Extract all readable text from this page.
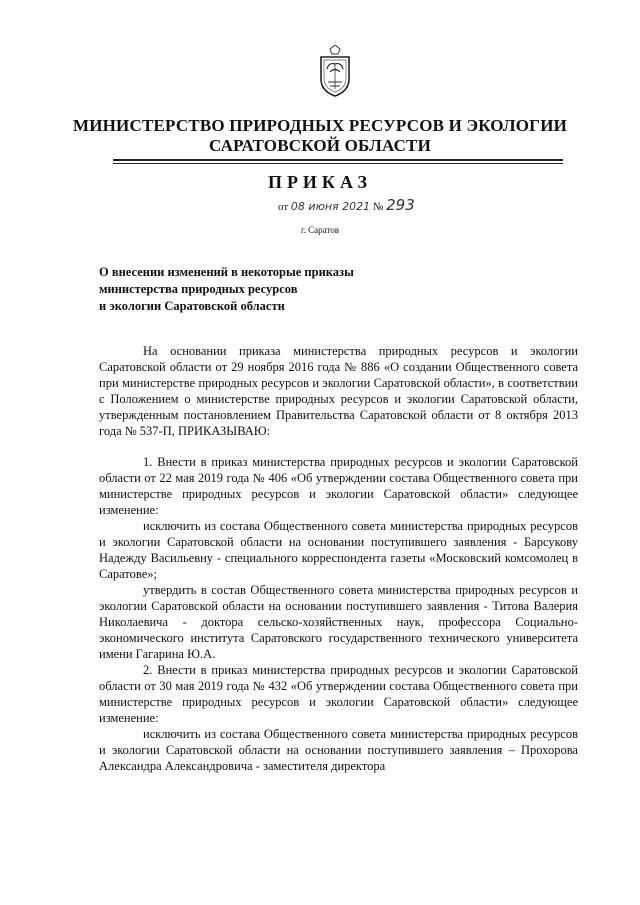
МИНИСТЕРСТВО ПРИРОДНЫХ РЕСУРСОВ И ЭКОЛОГИИ
САРАТОВСКОЙ ОБЛАСТИ
ПРИКАЗ
от 08 июня 2021 № 293
г. Саратов
О внесении изменений в некоторые приказы
министерства природных ресурсов
и экологии Саратовской области

На основании приказа министерства природных ресурсов и экологии Саратовской области от 29 ноября 2016 года № 886 «О создании Общественного совета при министерстве природных ресурсов и экологии Саратовской области», в соответствии с Положением о министерстве природных ресурсов и экологии Саратовской области, утвержденным постановлением Правительства Саратовской области от 8 октября 2013 года № 537-П, ПРИКАЗЫВАЮ:

1. Внести в приказ министерства природных ресурсов и экологии Саратовской области от 22 мая 2019 года № 406 «Об утверждении состава Общественного совета при министерстве природных ресурсов и экологии Саратовской области» следующее изменение:

исключить из состава Общественного совета министерства природных ресурсов и экологии Саратовской области на основании поступившего заявления - Барсукову Надежду Васильевну - специального корреспондента газеты «Московский комсомолец в Саратове»;

утвердить в состав Общественного совета министерства природных ресурсов и экологии Саратовской области на основании поступившего заявления - Титова Валерия Николаевича - доктора сельско-хозяйственных наук, профессора Социально-экономического института Саратовского государственного технического университета имени Гагарина Ю.А.

2. Внести в приказ министерства природных ресурсов и экологии Саратовской области от 30 мая 2019 года № 432 «Об утверждении состава Общественного совета при министерстве природных ресурсов и экологии Саратовской области» следующее изменение:

исключить из состава Общественного совета министерства природных ресурсов и экологии Саратовской области на основании поступившего заявления – Прохорова Александра Александровича - заместителя директора
